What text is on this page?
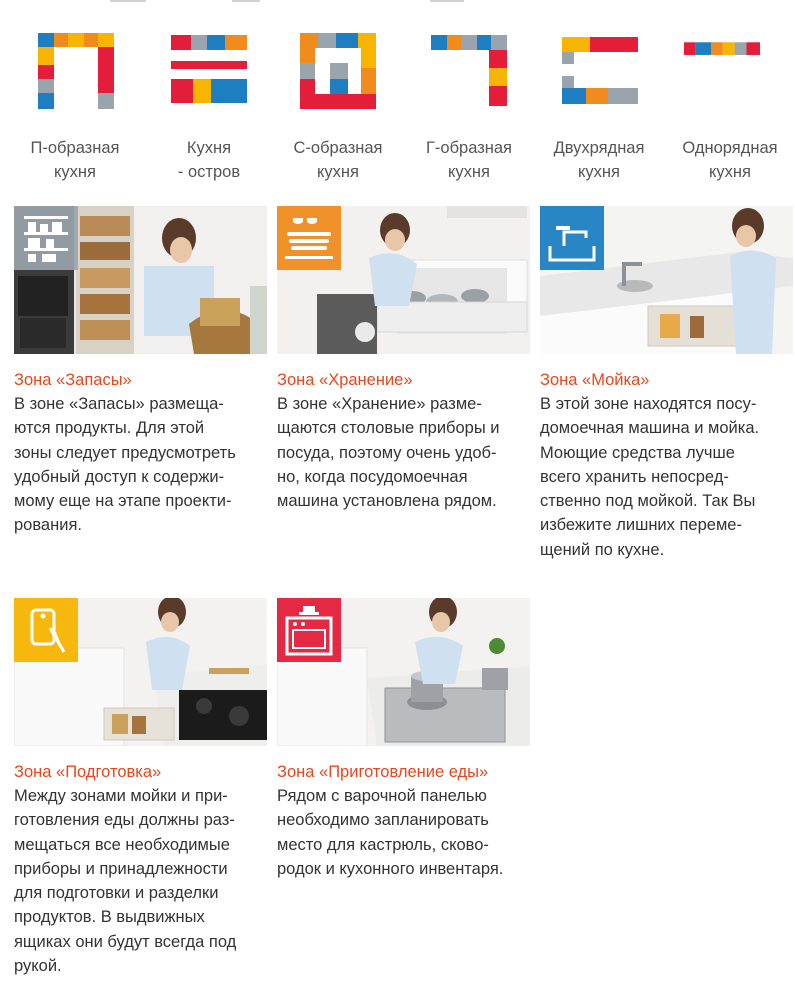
П-образная
кухня
Кухня
- остров
С-образная
кухня
Г-образная
кухня
Двухрядная
кухня
Однорядная
кухня
Зона «Запасы»
В зоне «Запасы» размеща-
ются продукты. Для этой
зоны следует предусмотреть
удобный доступ к содержи-
мому еще на этапе проекти-
рования.
Зона «Хранение»
В зоне «Хранение» разме-
щаются столовые приборы и
посуда, поэтому очень удоб-
но, когда посудомоечная
машина установлена рядом.
Зона «Мойка»
В этой зоне находятся посу-
домоечная машина и мойка.
Моющие средства лучше
всего хранить непосред-
ственно под мойкой. Так Вы
избежите лишних переме-
щений по кухне.
Зона «Подготовка»
Между зонами мойки и при-
готовления еды должны раз-
мещаться все необходимые
приборы и принадлежности
для подготовки и разделки
продуктов. В выдвижных
ящиках они будут всегда под
рукой.
Зона «Приготовление еды»
Рядом с варочной панелью
необходимо запланировать
место для кастрюль, сково-
родок и кухонного инвентаря.
